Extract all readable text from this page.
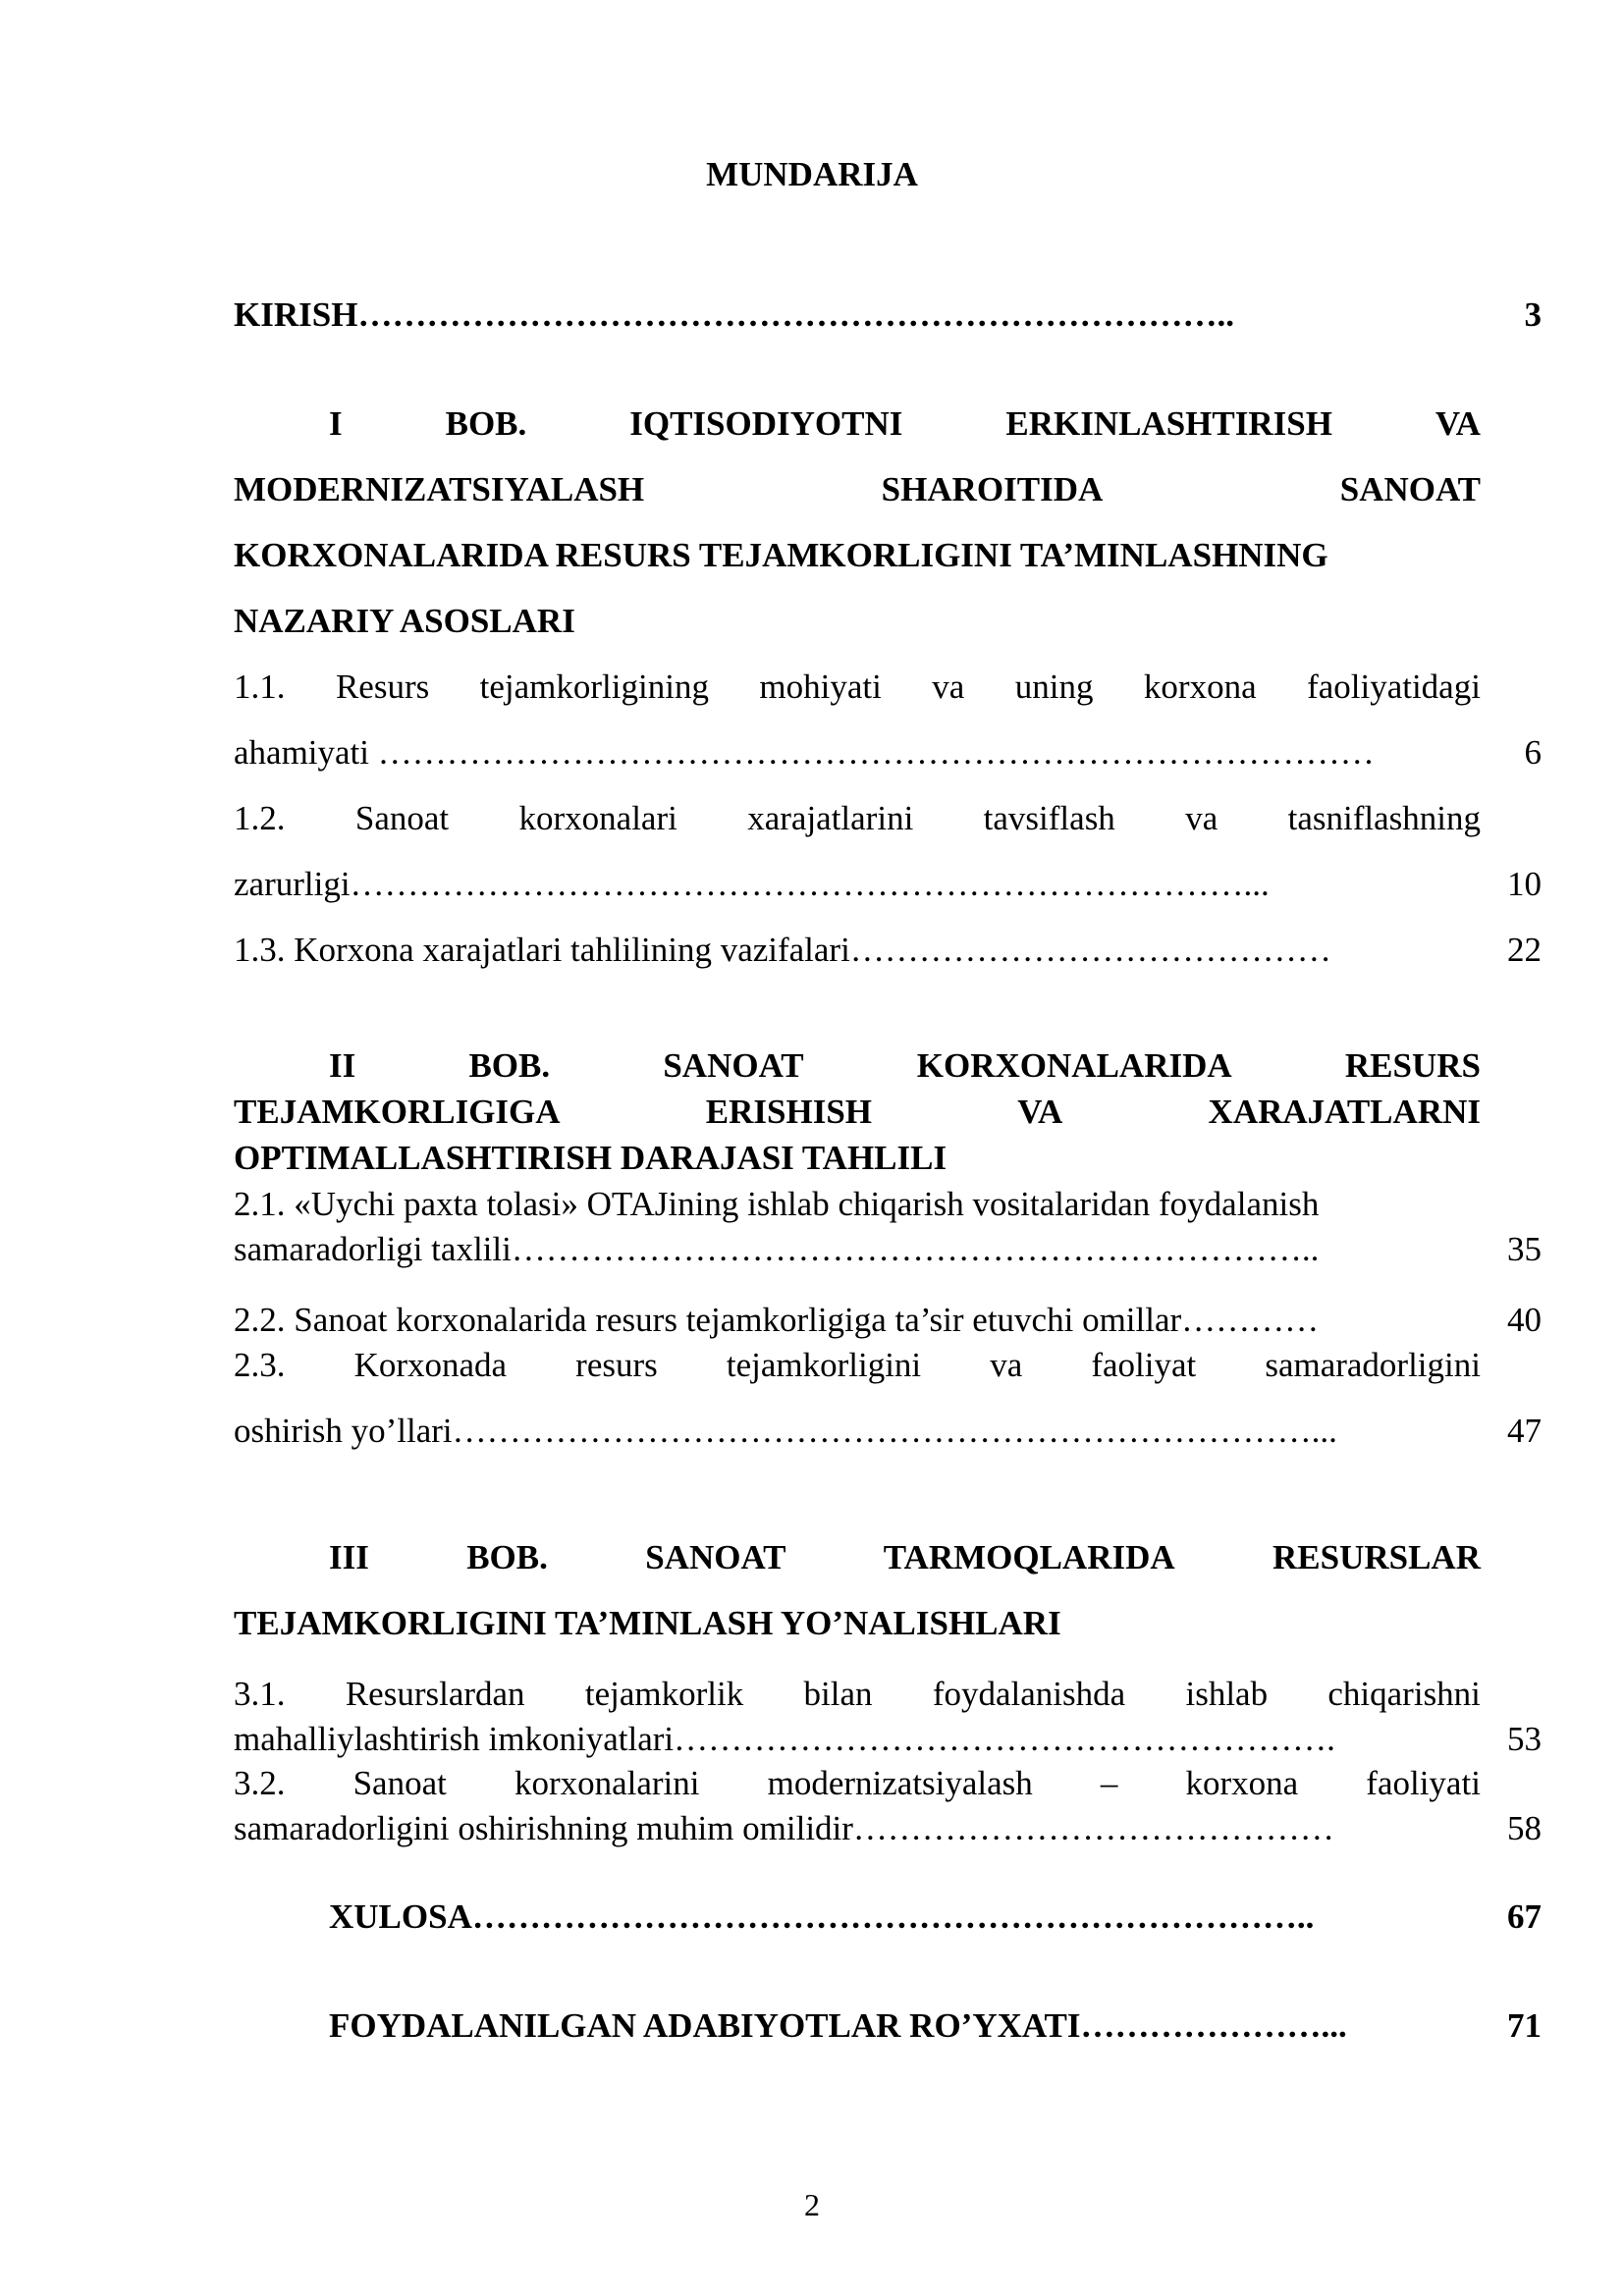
MUNDARIJA
KIRISH…………………………………………………………………..	3
I	BOB.	IQTISODIYOTNI	ERKINLASHTIRISH	VA
MODERNIZATSIYALASH	SHAROITIDA	SANOAT
KORXONALARIDA RESURS TEJAMKORLIGINI TA’MINLASHNING
NAZARIY ASOSLARI
1.1. Resurs tejamkorligining mohiyati va uning korxona faoliyatidagi
ahamiyati ……………………………………………………………………………	6
1.2. Sanoat korxonalari xarajatlarini tavsiflash va tasniflashning
zarurligi……………………………………………………………………...	10
1.3. Korxona xarajatlari tahlilining vazifalari……………………………………	22
II	BOB.	SANOAT	KORXONALARIDA	RESURS
TEJAMKORLIGIGA	ERISHISH	VA	XARAJATLARNI
OPTIMALLASHTIRISH DARAJASI TAHLILI
2.1. «Uychi paxta tolasi» OTAJining ishlab chiqarish vositalaridan foydalanish
samaradorligi taxlili……………………………………………………………..	35
2.2. Sanoat korxonalarida resurs tejamkorligiga ta’sir etuvchi omillar…………	40
2.3. Korxonada resurs tejamkorligini va faoliyat samaradorligini
oshirish yo’llari…………………………………………………………………...	47
III	BOB.	SANOAT	TARMOQLARIDA	RESURSLAR
TEJAMKORLIGINI TA’MINLASH YO’NALISHLARI
3.1. Resurslardan tejamkorlik bilan foydalanishda ishlab chiqarishni
mahalliylashtirish imkoniyatlari………………………………………………….	53
3.2. Sanoat korxonalarini modernizatsiyalash – korxona faoliyati
samaradorligini oshirishning muhim omilidir……………………………………	58
XULOSA………………………………………………………………..	67
FOYDALANILGAN ADABIYOTLAR RO’YXATI…………………...	71
2
